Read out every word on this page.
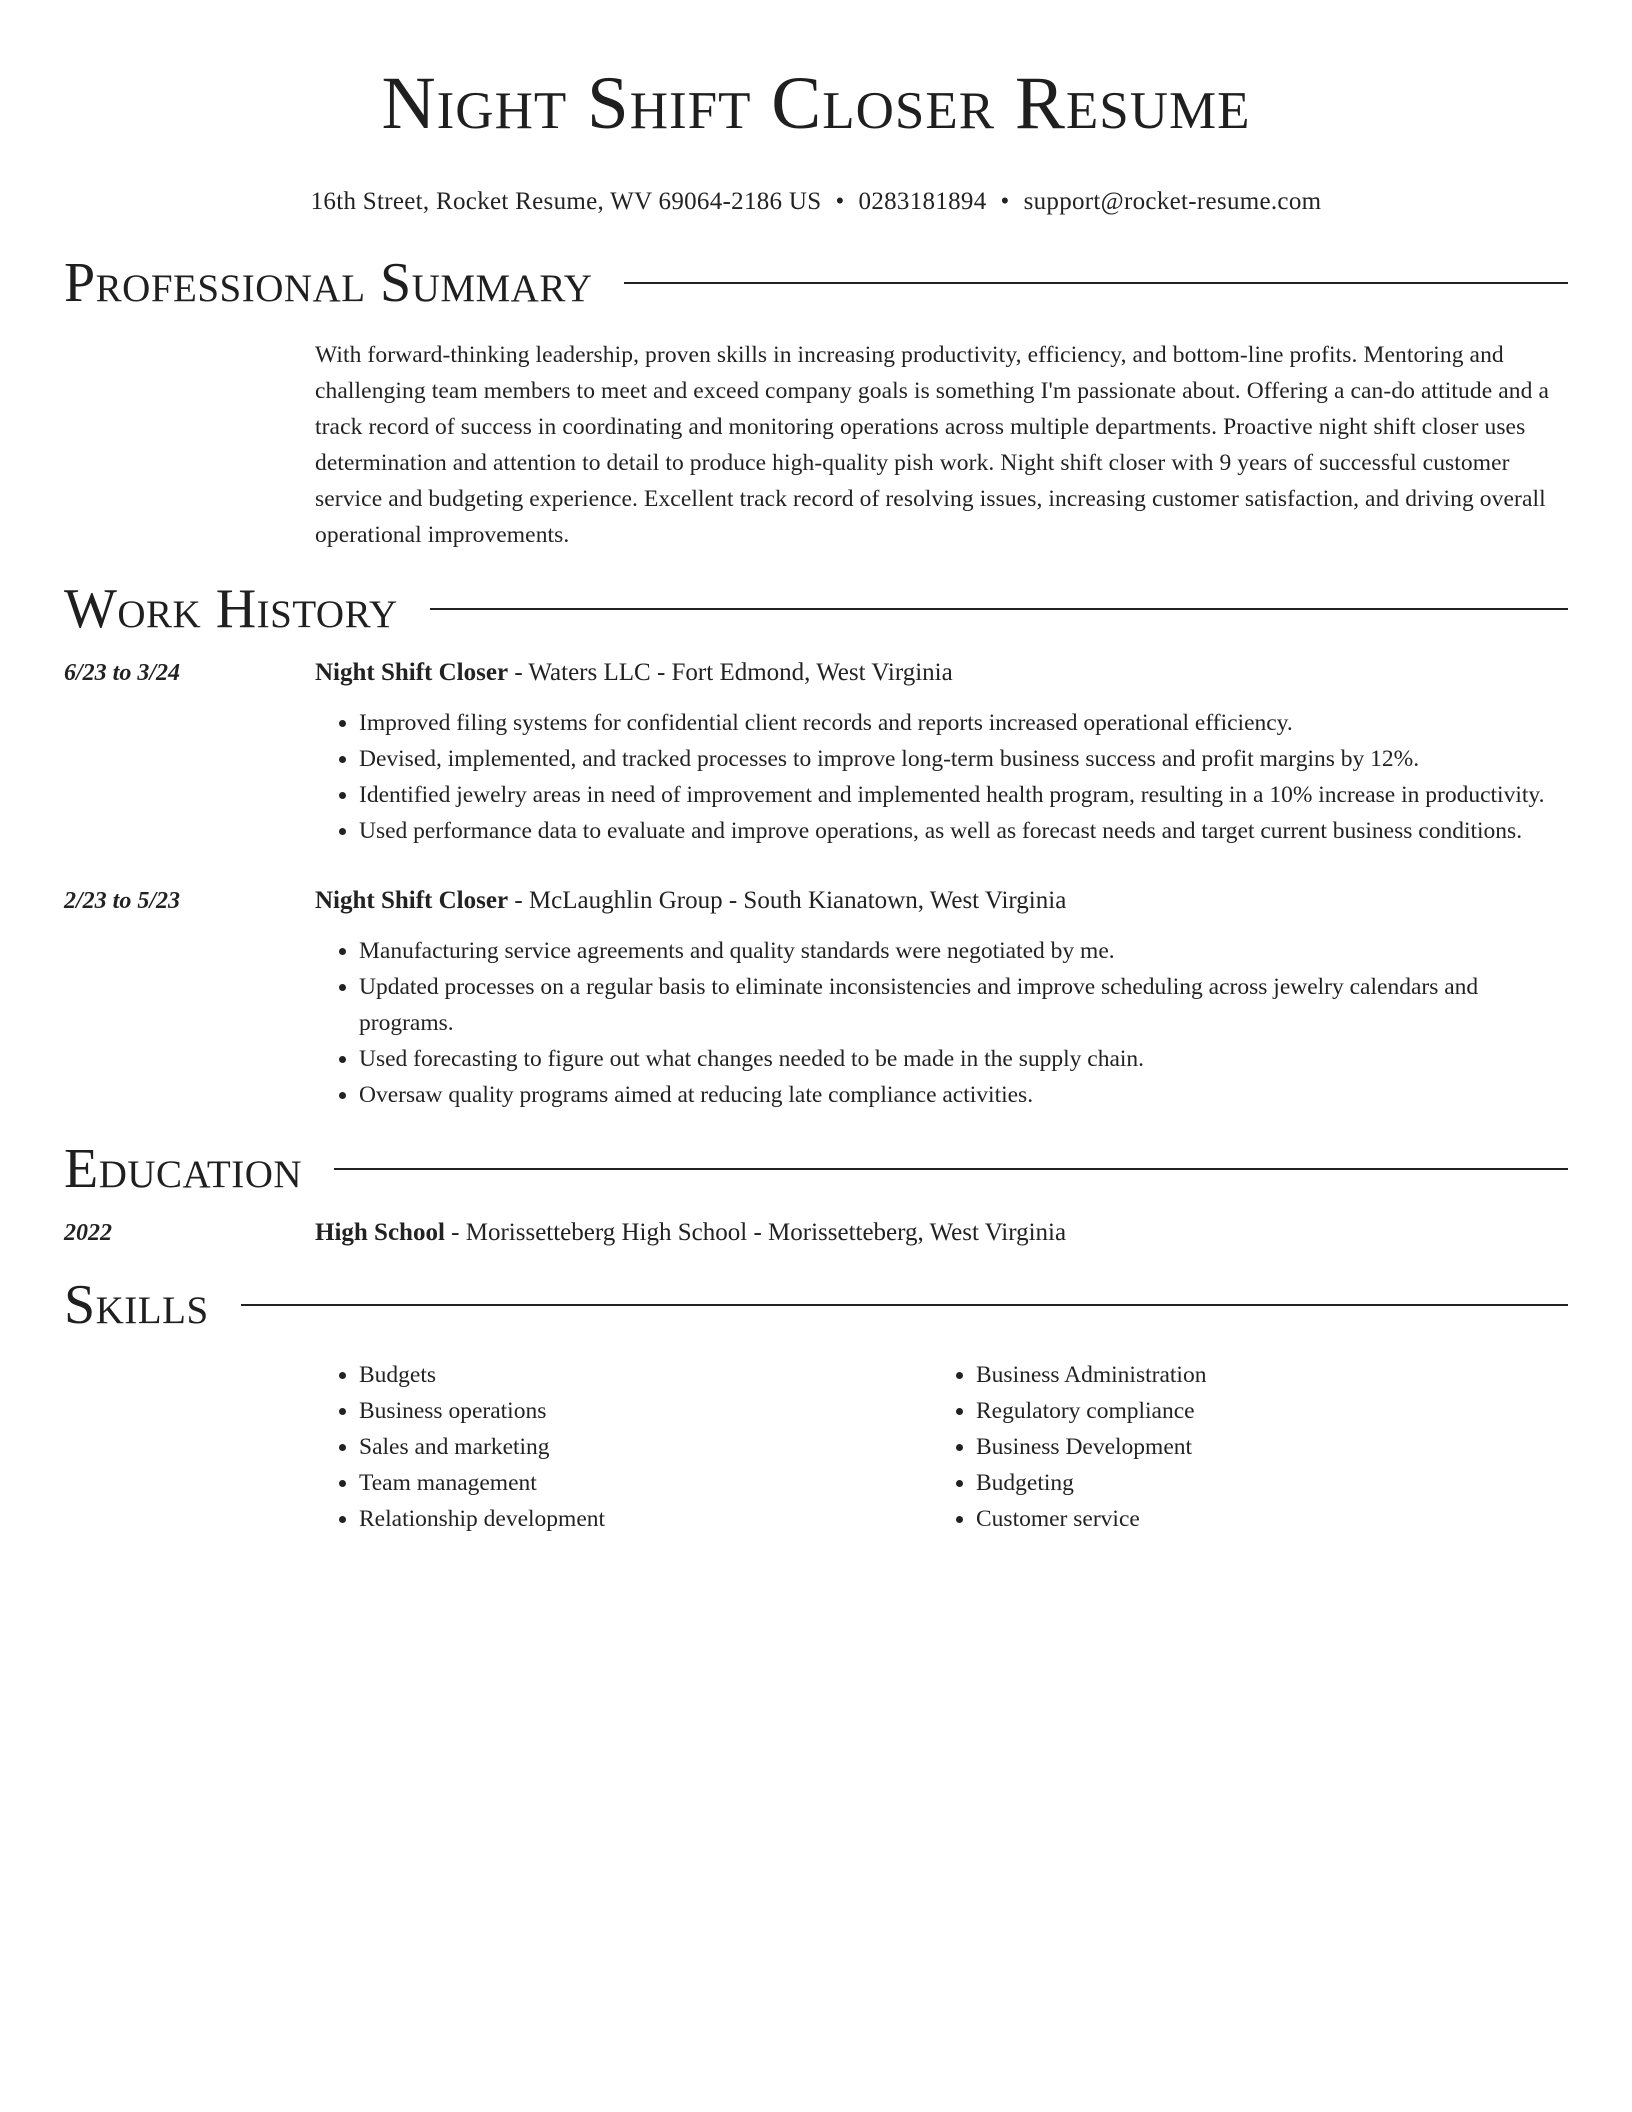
Night Shift Closer Resume
16th Street, Rocket Resume, WV 69064-2186 US • 0283181894 • support@rocket-resume.com
Professional Summary
With forward-thinking leadership, proven skills in increasing productivity, efficiency, and bottom-line profits. Mentoring and challenging team members to meet and exceed company goals is something I'm passionate about. Offering a can-do attitude and a track record of success in coordinating and monitoring operations across multiple departments. Proactive night shift closer uses determination and attention to detail to produce high-quality pish work. Night shift closer with 9 years of successful customer service and budgeting experience. Excellent track record of resolving issues, increasing customer satisfaction, and driving overall operational improvements.
Work History
6/23 to 3/24	Night Shift Closer - Waters LLC - Fort Edmond, West Virginia
• Improved filing systems for confidential client records and reports increased operational efficiency.
• Devised, implemented, and tracked processes to improve long-term business success and profit margins by 12%.
• Identified jewelry areas in need of improvement and implemented health program, resulting in a 10% increase in productivity.
• Used performance data to evaluate and improve operations, as well as forecast needs and target current business conditions.
2/23 to 5/23	Night Shift Closer - McLaughlin Group - South Kianatown, West Virginia
• Manufacturing service agreements and quality standards were negotiated by me.
• Updated processes on a regular basis to eliminate inconsistencies and improve scheduling across jewelry calendars and programs.
• Used forecasting to figure out what changes needed to be made in the supply chain.
• Oversaw quality programs aimed at reducing late compliance activities.
Education
2022	High School - Morissetteberg High School - Morissetteberg, West Virginia
Skills
• Budgets
• Business operations
• Sales and marketing
• Team management
• Relationship development
• Business Administration
• Regulatory compliance
• Business Development
• Budgeting
• Customer service
